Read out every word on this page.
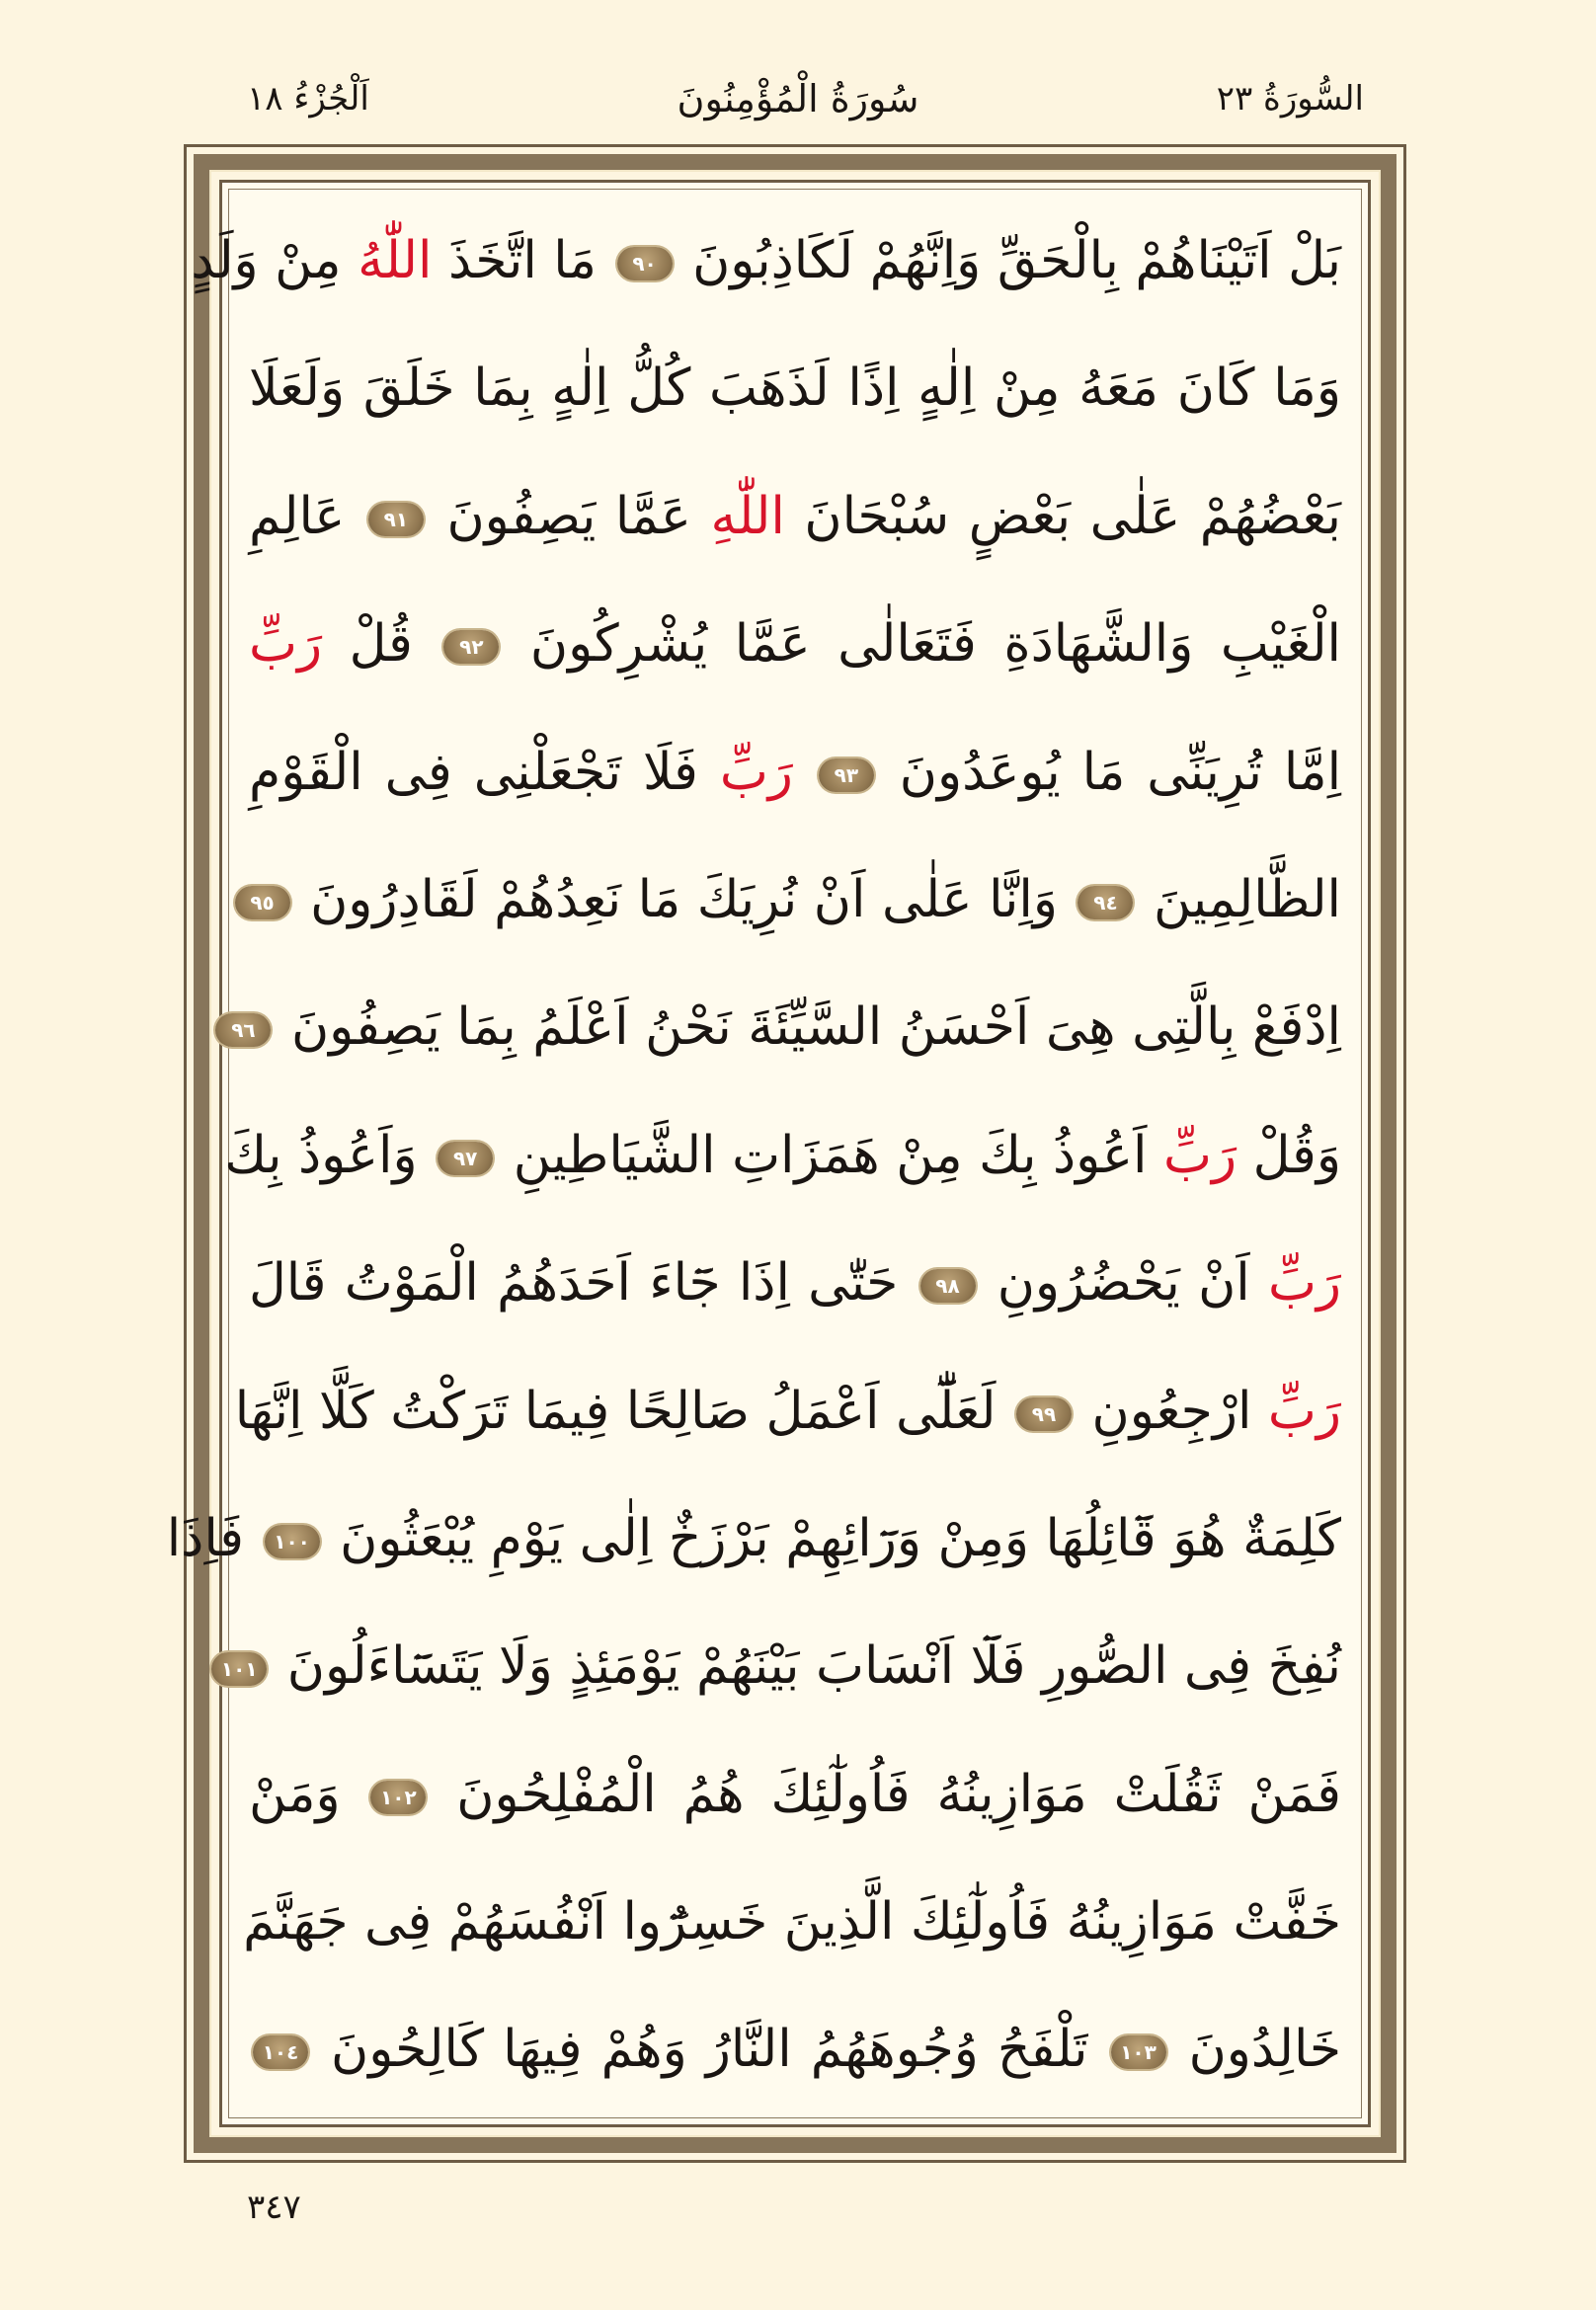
السُّورَةُ ٢٣
سُورَةُ الْمُؤْمِنُونَ
اَلْجُزْءُ ١٨
بَلْ اَتَيْنَاهُمْ بِالْحَقِّ وَاِنَّهُمْ لَكَاذِبُونَ ٩٠ مَا اتَّخَذَ اللّٰهُ مِنْ وَلَدٍ
وَمَا كَانَ مَعَهُ مِنْ اِلٰهٍ اِذًا لَذَهَبَ كُلُّ اِلٰهٍ بِمَا خَلَقَ وَلَعَلَا
بَعْضُهُمْ عَلٰى بَعْضٍ سُبْحَانَ اللّٰهِ عَمَّا يَصِفُونَ ٩١ عَالِمِ
الْغَيْبِ وَالشَّهَادَةِ فَتَعَالٰى عَمَّا يُشْرِكُونَ ٩٢ قُلْ رَبِّ
اِمَّا تُرِيَنِّى مَا يُوعَدُونَ ٩٣ رَبِّ فَلَا تَجْعَلْنِى فِى الْقَوْمِ
الظَّالِمِينَ ٩٤ وَاِنَّا عَلٰى اَنْ نُرِيَكَ مَا نَعِدُهُمْ لَقَادِرُونَ ٩٥
اِدْفَعْ بِالَّتِى هِىَ اَحْسَنُ السَّيِّئَةَ نَحْنُ اَعْلَمُ بِمَا يَصِفُونَ ٩٦
وَقُلْ رَبِّ اَعُوذُ بِكَ مِنْ هَمَزَاتِ الشَّيَاطِينِ ٩٧ وَاَعُوذُ بِكَ
رَبِّ اَنْ يَحْضُرُونِ ٩٨ حَتّٰى اِذَا جَٓاءَ اَحَدَهُمُ الْمَوْتُ قَالَ
رَبِّ ارْجِعُونِ ٩٩ لَعَلّٰٓى اَعْمَلُ صَالِحًا فِيمَا تَرَكْتُ كَلَّا اِنَّهَا
كَلِمَةٌ هُوَ قَٓائِلُهَا وَمِنْ وَرَٓائِهِمْ بَرْزَخٌ اِلٰى يَوْمِ يُبْعَثُونَ ١٠٠ فَاِذَا
نُفِخَ فِى الصُّورِ فَلَٓا اَنْسَابَ بَيْنَهُمْ يَوْمَئِذٍ وَلَا يَتَسَٓاءَلُونَ ١٠١
فَمَنْ ثَقُلَتْ مَوَازِينُهُ فَاُولٰٓئِكَ هُمُ الْمُفْلِحُونَ ١٠٢ وَمَنْ
خَفَّتْ مَوَازِينُهُ فَاُولٰٓئِكَ الَّذِينَ خَسِرُٓوا اَنْفُسَهُمْ فِى جَهَنَّمَ
خَالِدُونَ ١٠٣ تَلْفَحُ وُجُوهَهُمُ النَّارُ وَهُمْ فِيهَا كَالِحُونَ ١٠٤
٣٤٧
